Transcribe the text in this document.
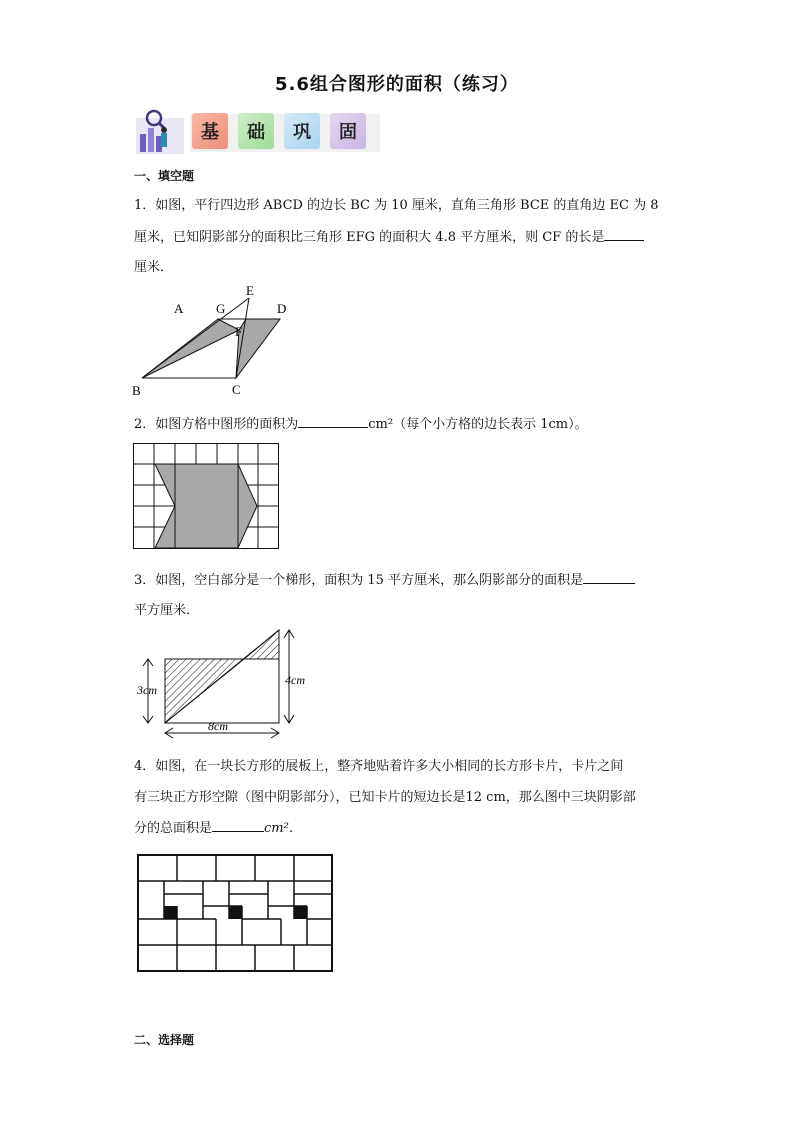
5.6组合图形的面积（练习）
基	础	巩	固
一、填空题
1．如图，平行四边形 ABCD 的边长 BC 为 10 厘米，直角三角形 BCE 的直角边 EC 为 8
厘米，已知阴影部分的面积比三角形 EFG 的面积大 4.8 平方厘米，则 CF 的长是
厘米．
A	G
E
D
F
B	C
2．如图方格中图形的面积为	cm²（每个小方格的边长表示 1cm）。
3．如图，空白部分是一个梯形，面积为 15 平方厘米，那么阴影部分的面积是
平方厘米．
3cm
4cm
8cm
4．如图，在一块长方形的展板上，整齐地贴着许多大小相同的长方形卡片，卡片之间
有三块正方形空隙（图中阴影部分），已知卡片的短边长是12 cm，那么图中三块阴影部
分的总面积是	cm²．
二、选择题
